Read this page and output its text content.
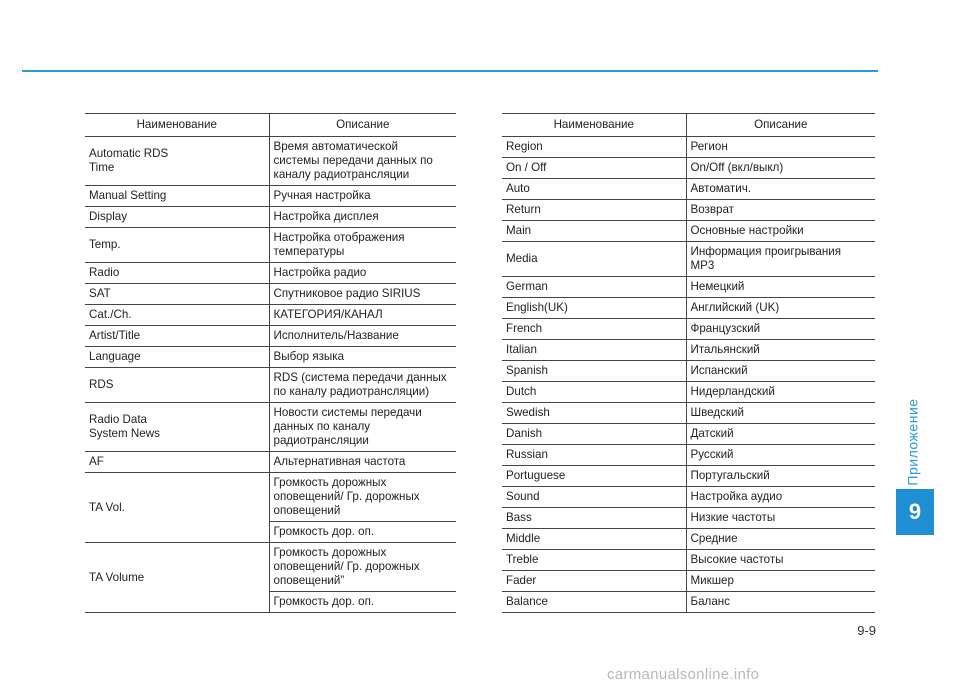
Наименование	Описание
Automatic RDS
Time	Время автоматической
системы передачи данных по
каналу радиотрансляции
Manual Setting	Ручная настройка
Display	Настройка дисплея
Temp.	Настройка отображения
температуры
Radio	Настройка радио
SAT	Спутниковое радио SIRIUS
Cat./Ch.	КАТЕГОРИЯ/КАНАЛ
Artist/Title	Исполнитель/Название
Language	Выбор языка
RDS	RDS (система передачи данных
по каналу радиотрансляции)
Radio Data
System News	Новости системы передачи
данных по каналу
радиотрансляции
AF	Альтернативная частота
TA Vol.	Громкость дорожных
оповещений/ Гр. дорожных
оповещений
	Громкость дор. оп.
TA Volume	Громкость дорожных
оповещений/ Гр. дорожных
оповещений”
	Громкость дор. оп.
Наименование	Описание
Region	Регион
On / Off	On/Off (вкл/выкл)
Auto	Автоматич.
Return	Возврат
Main	Основные настройки
Media	Информация проигрывания
MP3
German	Немецкий
English(UK)	Английский (UK)
French	Французский
Italian	Итальянский
Spanish	Испанский
Dutch	Нидерландский
Swedish	Шведский
Danish	Датский
Russian	Русский
Portuguese	Португальский
Sound	Настройка аудио
Bass	Низкие частоты
Middle	Средние
Treble	Высокие частоты
Fader	Микшер
Balance	Баланс
Приложение
9
9-9
carmanualsonline.info
